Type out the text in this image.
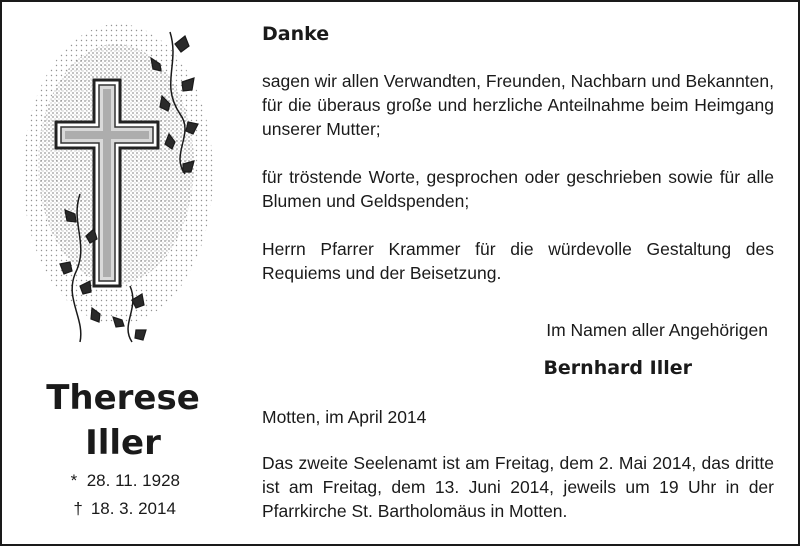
Therese
Iller
* 28. 11. 1928
† 18. 3. 2014
Danke

sagen wir allen Verwandten, Freunden, Nachbarn und Bekannten, für die überaus große und herzliche Anteilnahme beim Heimgang unserer Mutter;

für tröstende Worte, gesprochen oder geschrieben sowie für alle Blumen und Geldspenden;

Herrn Pfarrer Krammer für die würdevolle Gestaltung des Requiems und der Beisetzung.

Im Namen aller Angehörigen
Bernhard Iller
Motten, im April 2014

Das zweite Seelenamt ist am Freitag, dem 2. Mai 2014, das dritte ist am Freitag, dem 13. Juni 2014, jeweils um 19 Uhr in der Pfarrkirche St. Bartholomäus in Motten.
